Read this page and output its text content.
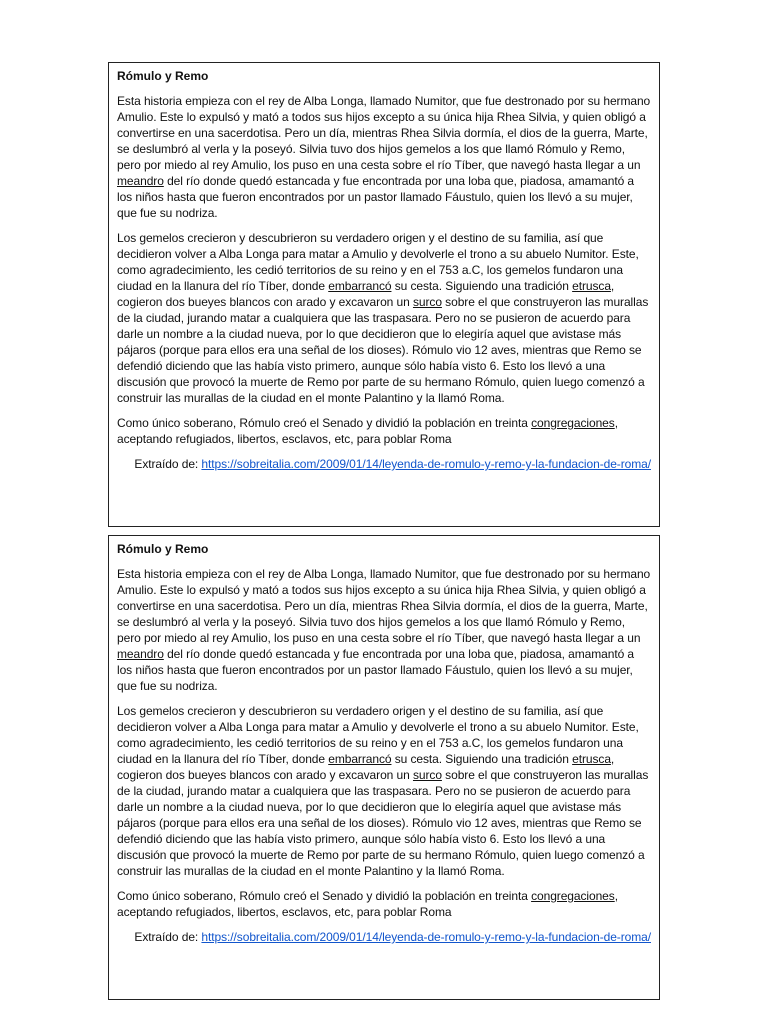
Rómulo y Remo

Esta historia empieza con el rey de Alba Longa, llamado Numitor, que fue destronado por su hermano Amulio. Este lo expulsó y mató a todos sus hijos excepto a su única hija Rhea Silvia, y quien obligó a convertirse en una sacerdotisa. Pero un día, mientras Rhea Silvia dormía, el dios de la guerra, Marte, se deslumbró al verla y la poseyó. Silvia tuvo dos hijos gemelos a los que llamó Rómulo y Remo, pero por miedo al rey Amulio, los puso en una cesta sobre el río Tíber, que navegó hasta llegar a un meandro del río donde quedó estancada y fue encontrada por una loba que, piadosa, amamantó a los niños hasta que fueron encontrados por un pastor llamado Fáustulo, quien los llevó a su mujer, que fue su nodriza.

Los gemelos crecieron y descubrieron su verdadero origen y el destino de su familia, así que decidieron volver a Alba Longa para matar a Amulio y devolverle el trono a su abuelo Numitor. Este, como agradecimiento, les cedió territorios de su reino y en el 753 a.C, los gemelos fundaron una ciudad en la llanura del río Tíber, donde embarrancó su cesta. Siguiendo una tradición etrusca, cogieron dos bueyes blancos con arado y excavaron un surco sobre el que construyeron las murallas de la ciudad, jurando matar a cualquiera que las traspasara. Pero no se pusieron de acuerdo para darle un nombre a la ciudad nueva, por lo que decidieron que lo elegiría aquel que avistase más pájaros (porque para ellos era una señal de los dioses). Rómulo vio 12 aves, mientras que Remo se defendió diciendo que las había visto primero, aunque sólo había visto 6. Esto los llevó a una discusión que provocó la muerte de Remo por parte de su hermano Rómulo, quien luego comenzó a construir las murallas de la ciudad en el monte Palantino y la llamó Roma.

Como único soberano, Rómulo creó el Senado y dividió la población en treinta congregaciones, aceptando refugiados, libertos, esclavos, etc, para poblar Roma

Extraído de: https://sobreitalia.com/2009/01/14/leyenda-de-romulo-y-remo-y-la-fundacion-de-roma/

Rómulo y Remo

Esta historia empieza con el rey de Alba Longa, llamado Numitor, que fue destronado por su hermano Amulio. Este lo expulsó y mató a todos sus hijos excepto a su única hija Rhea Silvia, y quien obligó a convertirse en una sacerdotisa. Pero un día, mientras Rhea Silvia dormía, el dios de la guerra, Marte, se deslumbró al verla y la poseyó. Silvia tuvo dos hijos gemelos a los que llamó Rómulo y Remo, pero por miedo al rey Amulio, los puso en una cesta sobre el río Tíber, que navegó hasta llegar a un meandro del río donde quedó estancada y fue encontrada por una loba que, piadosa, amamantó a los niños hasta que fueron encontrados por un pastor llamado Fáustulo, quien los llevó a su mujer, que fue su nodriza.

Los gemelos crecieron y descubrieron su verdadero origen y el destino de su familia, así que decidieron volver a Alba Longa para matar a Amulio y devolverle el trono a su abuelo Numitor. Este, como agradecimiento, les cedió territorios de su reino y en el 753 a.C, los gemelos fundaron una ciudad en la llanura del río Tíber, donde embarrancó su cesta. Siguiendo una tradición etrusca, cogieron dos bueyes blancos con arado y excavaron un surco sobre el que construyeron las murallas de la ciudad, jurando matar a cualquiera que las traspasara. Pero no se pusieron de acuerdo para darle un nombre a la ciudad nueva, por lo que decidieron que lo elegiría aquel que avistase más pájaros (porque para ellos era una señal de los dioses). Rómulo vio 12 aves, mientras que Remo se defendió diciendo que las había visto primero, aunque sólo había visto 6. Esto los llevó a una discusión que provocó la muerte de Remo por parte de su hermano Rómulo, quien luego comenzó a construir las murallas de la ciudad en el monte Palantino y la llamó Roma.

Como único soberano, Rómulo creó el Senado y dividió la población en treinta congregaciones, aceptando refugiados, libertos, esclavos, etc, para poblar Roma

Extraído de: https://sobreitalia.com/2009/01/14/leyenda-de-romulo-y-remo-y-la-fundacion-de-roma/
